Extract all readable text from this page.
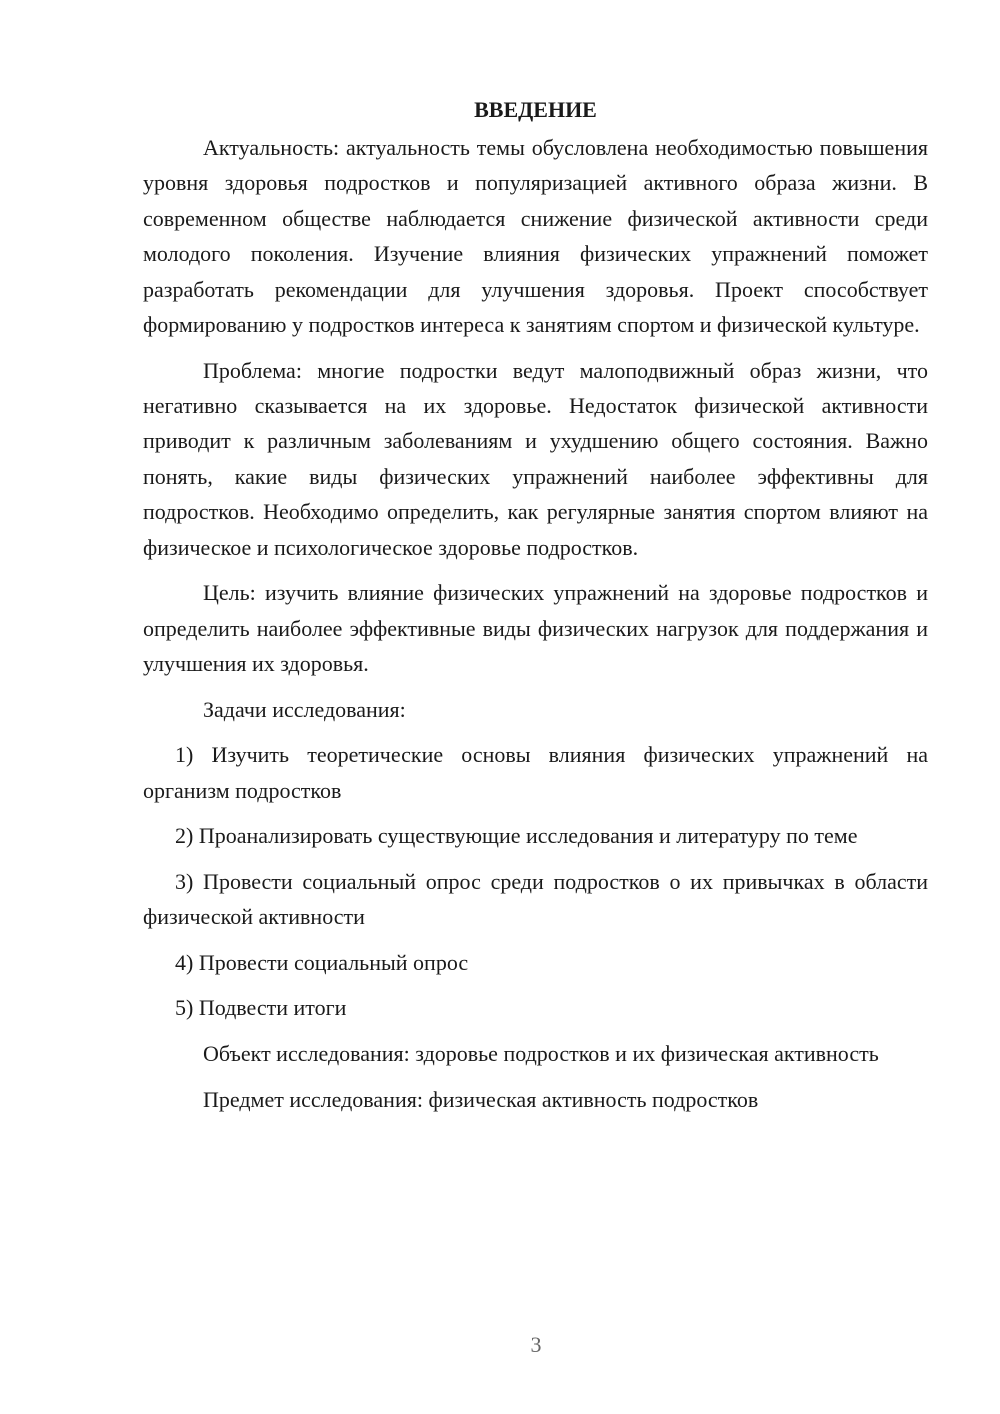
ВВЕДЕНИЕ

Актуальность: актуальность темы обусловлена необходимостью повышения уровня здоровья подростков и популяризацией активного образа жизни. В современном обществе наблюдается снижение физической активности среди молодого поколения. Изучение влияния физических упражнений поможет разработать рекомендации для улучшения здоровья. Проект способствует формированию у подростков интереса к занятиям спортом и физической культуре.

Проблема: многие подростки ведут малоподвижный образ жизни, что негативно сказывается на их здоровье. Недостаток физической активности приводит к различным заболеваниям и ухудшению общего состояния. Важно понять, какие виды физических упражнений наиболее эффективны для подростков. Необходимо определить, как регулярные занятия спортом влияют на физическое и психологическое здоровье подростков.

Цель: изучить влияние физических упражнений на здоровье подростков и определить наиболее эффективные виды физических нагрузок для поддержания и улучшения их здоровья.

Задачи исследования:

1) Изучить теоретические основы влияния физических упражнений на организм подростков

2) Проанализировать существующие исследования и литературу по теме

3) Провести социальный опрос среди подростков о их привычках в области физической активности

4) Провести социальный опрос

5) Подвести итоги

Объект исследования: здоровье подростков и их физическая активность

Предмет исследования: физическая активность подростков

3
